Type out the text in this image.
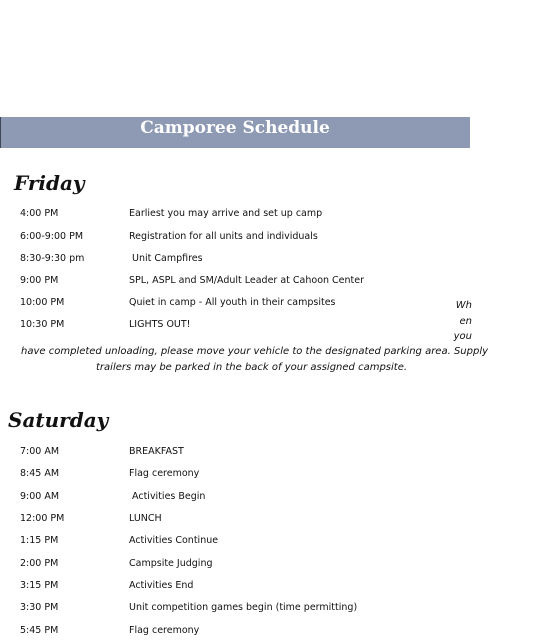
Camporee Schedule
Friday
4:00 PM	Earliest you may arrive and set up camp
6:00-9:00 PM	Registration for all units and individuals
8:30-9:30 pm	Unit Campfires
9:00 PM	SPL, ASPL and SM/Adult Leader at Cahoon Center
10:00 PM	Quiet in camp - All youth in their campsites
10:30 PM	LIGHTS OUT!
Wh
en
you
have completed unloading, please move your vehicle to the designated parking area. Supply
trailers may be parked in the back of your assigned campsite.
Saturday
7:00 AM	BREAKFAST
8:45 AM	Flag ceremony
9:00 AM	Activities Begin
12:00 PM	LUNCH
1:15 PM	Activities Continue
2:00 PM	Campsite Judging
3:15 PM	Activities End
3:30 PM	Unit competition games begin (time permitting)
5:45 PM	Flag ceremony
